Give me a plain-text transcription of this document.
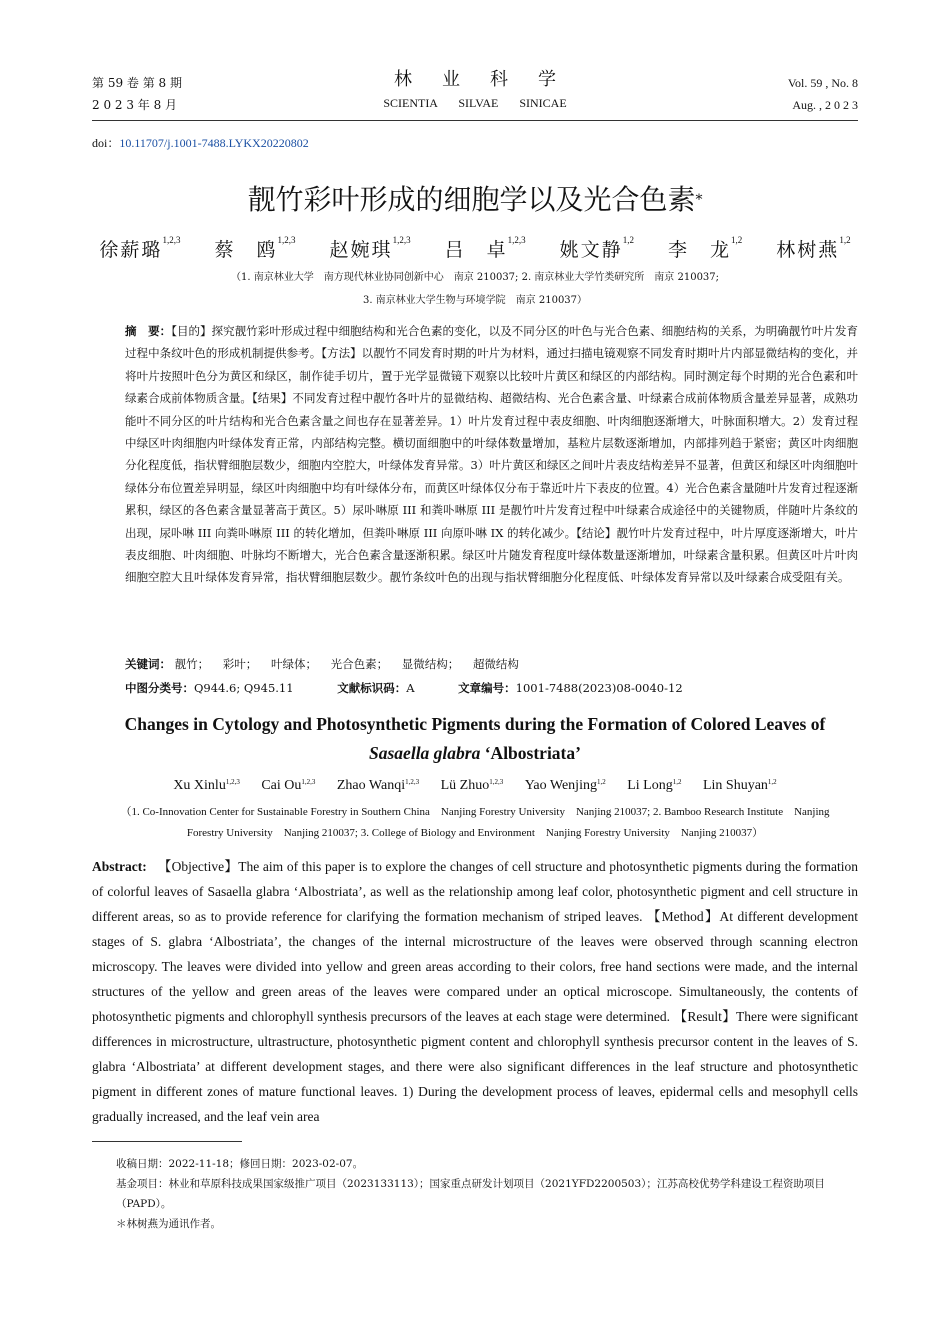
第 59 卷 第 8 期
2 0 2 3 年 8 月
林业科学
SCIENTIA SILVAE SINICAE
Vol. 59 , No. 8
Aug. , 2 0 2 3
doi：10.11707/j.1001-7488.LYKX20220802
靓竹彩叶形成的细胞学以及光合色素*
徐薪璐$^{1,2,3}$ 蔡　鸥$^{1,2,3}$ 赵婉琪$^{1,2,3}$ 吕　卓$^{1,2,3}$ 姚文静$^{1,2}$ 李　龙$^{1,2}$ 林树燕$^{1,2}$
（1. 南京林业大学　南方现代林业协同创新中心　南京 210037; 2. 南京林业大学竹类研究所　南京 210037;
3. 南京林业大学生物与环境学院　南京 210037）
摘　要：【目的】探究靓竹彩叶形成过程中细胞结构和光合色素的变化，以及不同分区的叶色与光合色素、细胞结构的关系，为明确靓竹叶片发育过程中条纹叶色的形成机制提供参考。【方法】以靓竹不同发育时期的叶片为材料，通过扫描电镜观察不同发育时期叶片内部显微结构的变化，并将叶片按照叶色分为黄区和绿区，制作徒手切片，置于光学显微镜下观察以比较叶片黄区和绿区的内部结构。同时测定每个时期的光合色素和叶绿素合成前体物质含量。【结果】不同发育过程中靓竹各叶片的显微结构、超微结构、光合色素含量、叶绿素合成前体物质含量差异显著，成熟功能叶不同分区的叶片结构和光合色素含量之间也存在显著差异。1）叶片发育过程中表皮细胞、叶肉细胞逐渐增大，叶脉面积增大。2）发育过程中绿区叶肉细胞内叶绿体发育正常，内部结构完整。横切面细胞中的叶绿体数量增加，基粒片层数逐渐增加，内部排列趋于紧密；黄区叶肉细胞分化程度低，指状臂细胞层数少，细胞内空腔大，叶绿体发育异常。3）叶片黄区和绿区之间叶片表皮结构差异不显著，但黄区和绿区叶肉细胞叶绿体分布位置差异明显，绿区叶肉细胞中均有叶绿体分布，而黄区叶绿体仅分布于靠近叶片下表皮的位置。4）光合色素含量随叶片发育过程逐渐累积，绿区的各色素含量显著高于黄区。5）尿卟啉原 III 和粪卟啉原 III 是靓竹叶片发育过程中叶绿素合成途径中的关键物质，伴随叶片条纹的出现，尿卟啉 III 向粪卟啉原 III 的转化增加，但粪卟啉原 III 向原卟啉 IX 的转化减少。【结论】靓竹叶片发育过程中，叶片厚度逐渐增大，叶片表皮细胞、叶肉细胞、叶脉均不断增大，光合色素含量逐渐积累。绿区叶片随发育程度叶绿体数量逐渐增加，叶绿素含量积累。但黄区叶片叶肉细胞空腔大且叶绿体发育异常，指状臂细胞层数少。靓竹条纹叶色的出现与指状臂细胞分化程度低、叶绿体发育异常以及叶绿素合成受阻有关。
关键词： 靓竹； 彩叶； 叶绿体； 光合色素； 显微结构； 超微结构
中图分类号：Q944.6; Q945.11	文献标识码：A	文章编号：1001-7488(2023)08-0040-12
Changes in Cytology and Photosynthetic Pigments during the Formation of Colored Leaves of
Sasaella glabra ‘Albostriata’
Xu Xinlu$^{1,2,3}$ Cai Ou$^{1,2,3}$ Zhao Wanqi$^{1,2,3}$ Lü Zhuo$^{1,2,3}$ Yao Wenjing$^{1,2}$ Li Long$^{1,2}$ Lin Shuyan$^{1,2}$
（1. Co-Innovation Center for Sustainable Forestry in Southern China　Nanjing Forestry University　Nanjing 210037; 2. Bamboo Research Institute　Nanjing
Forestry University　Nanjing 210037; 3. College of Biology and Environment　Nanjing Forestry University　Nanjing 210037）
Abstract: 【Objective】The aim of this paper is to explore the changes of cell structure and photosynthetic pigments during the formation of colorful leaves of Sasaella glabra ‘Albostriata’, as well as the relationship among leaf color, photosynthetic pigment and cell structure in different areas, so as to provide reference for clarifying the formation mechanism of striped leaves. 【Method】At different development stages of S. glabra ‘Albostriata’, the changes of the internal microstructure of the leaves were observed through scanning electron microscopy. The leaves were divided into yellow and green areas according to their colors, free hand sections were made, and the internal structures of the yellow and green areas of the leaves were compared under an optical microscope. Simultaneously, the contents of photosynthetic pigments and chlorophyll synthesis precursors of the leaves at each stage were determined. 【Result】There were significant differences in microstructure, ultrastructure, photosynthetic pigment content and chlorophyll synthesis precursor content in the leaves of S. glabra ‘Albostriata’ at different development stages, and there were also significant differences in the leaf structure and photosynthetic pigment in different zones of mature functional leaves. 1) During the development process of leaves, epidermal cells and mesophyll cells gradually increased, and the leaf vein area
收稿日期：2022-11-18；修回日期：2023-02-07。
基金项目：林业和草原科技成果国家级推广项目（2023133113）；国家重点研发计划项目（2021YFD2200503）；江苏高校优势学科建设工程资助项目（PAPD）。
＊林树燕为通讯作者。
